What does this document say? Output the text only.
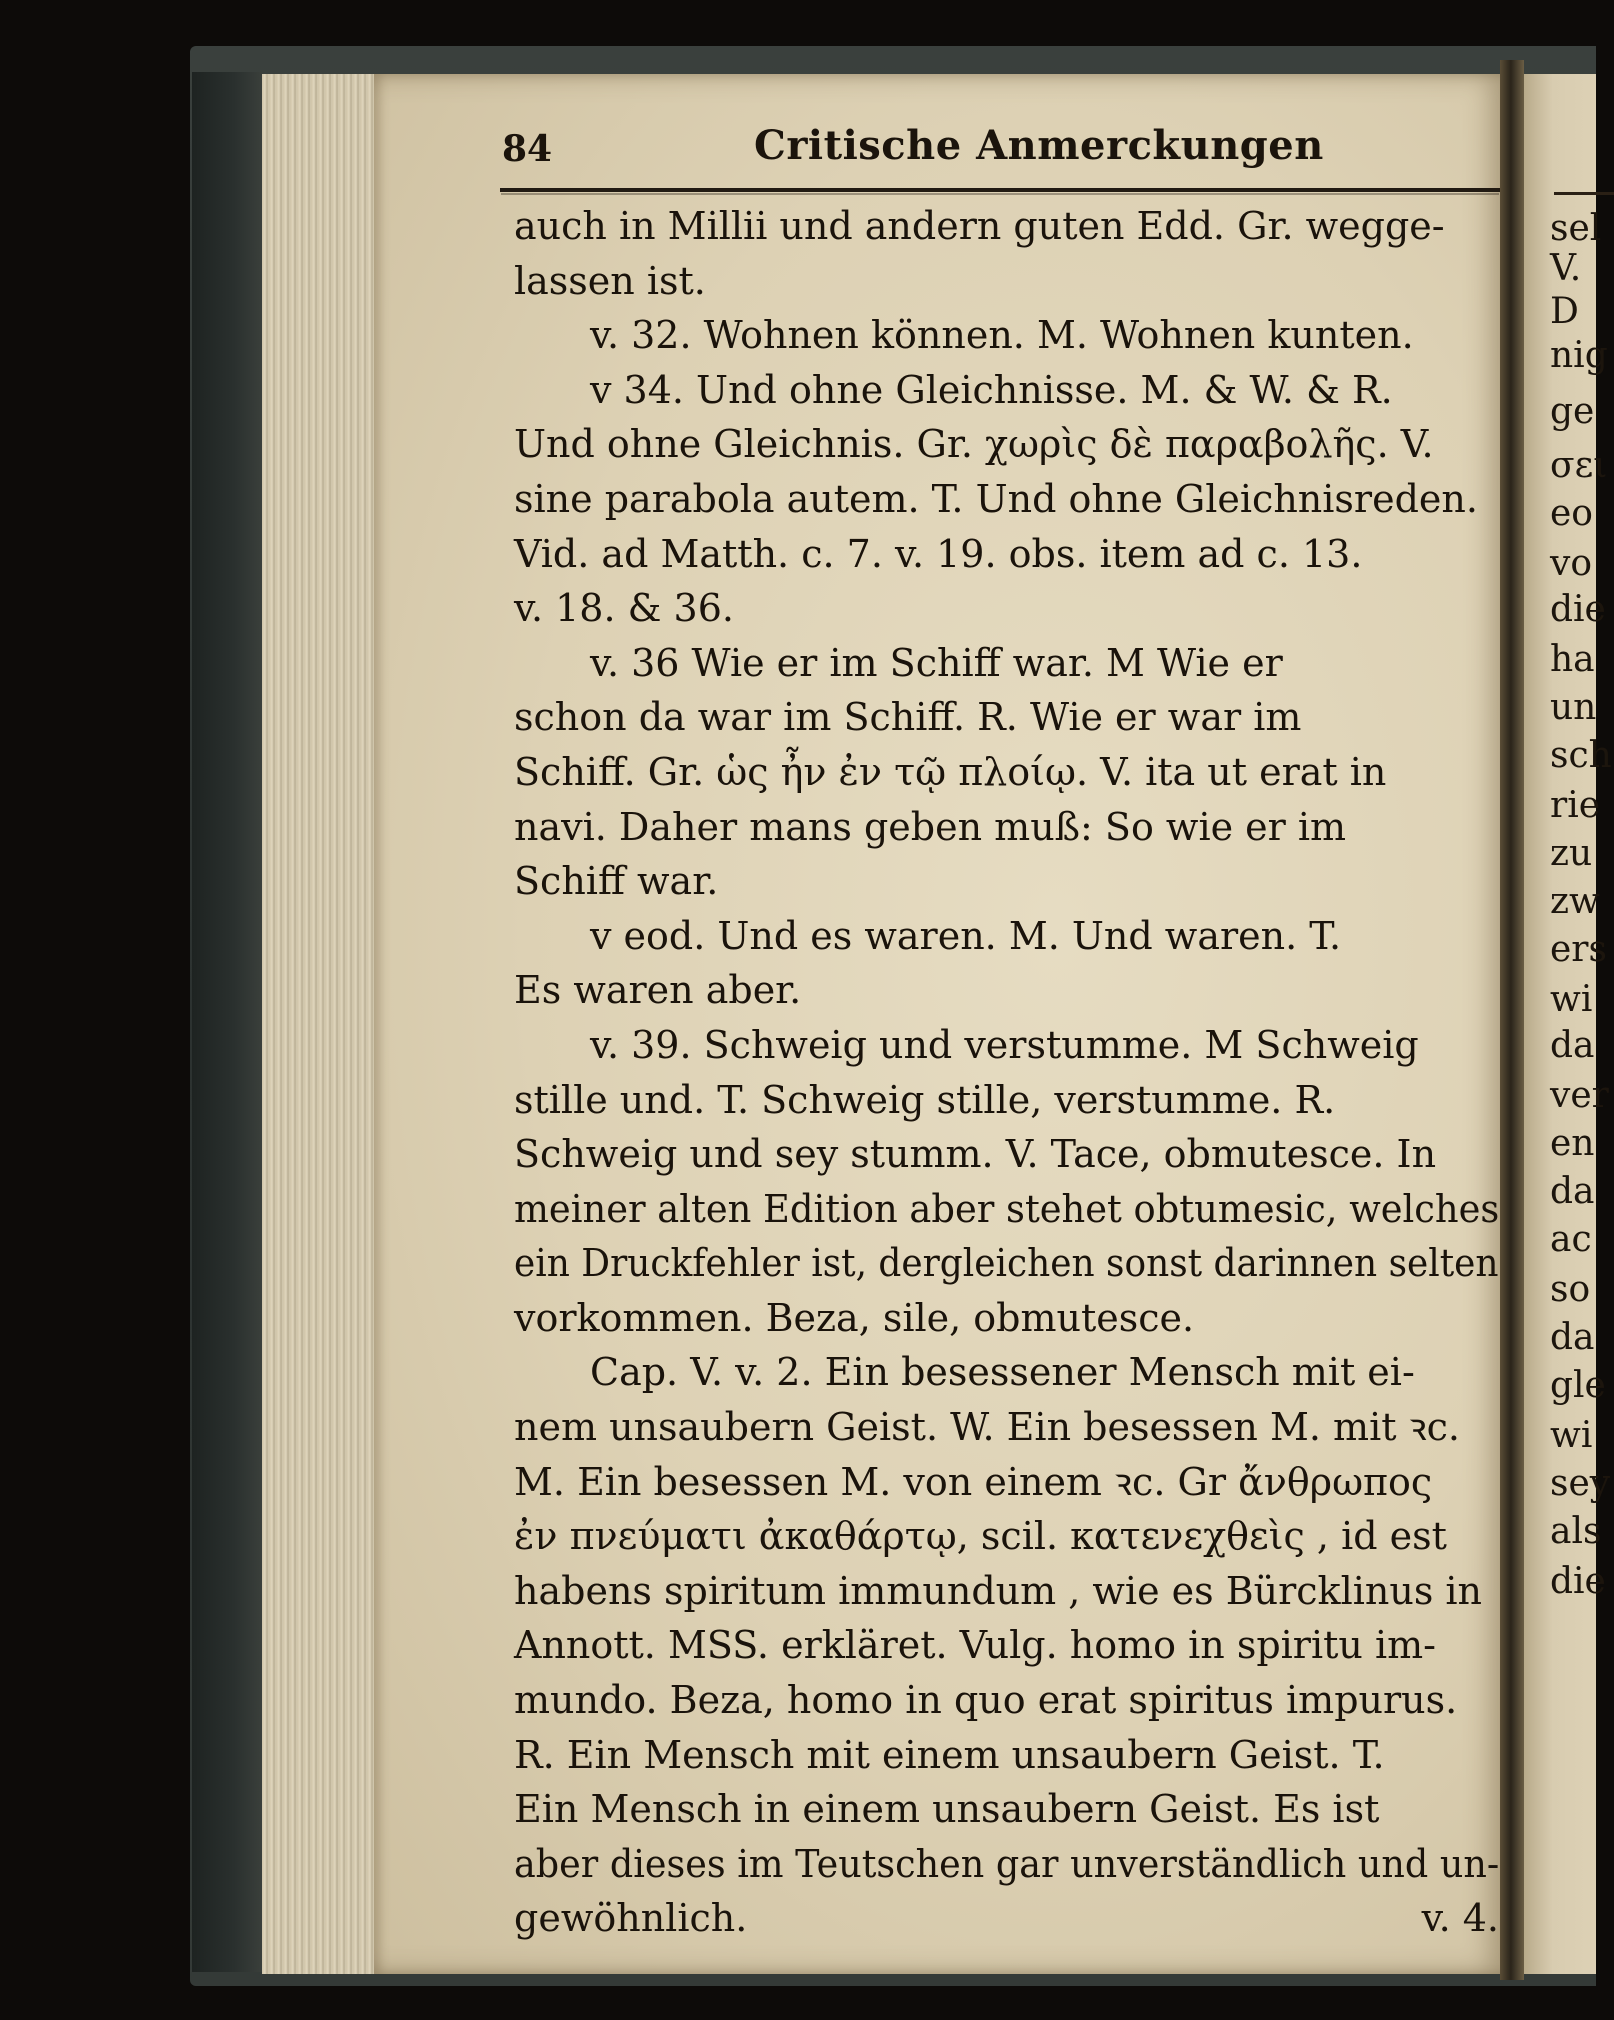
84	Critische Anmerckungen
auch in Millii und andern guten Edd. Gr. wegge-
lassen ist.
v. 32. Wohnen können. M. Wohnen kunten.
v 34. Und ohne Gleichnisse. M. & W. & R.
Und ohne Gleichnis. Gr. χωρὶς δὲ παραβολῆς. V.
sine parabola autem. T. Und ohne Gleichnisreden.
Vid. ad Matth. c. 7. v. 19. obs. item ad c. 13.
v. 18. & 36.
v. 36 Wie er im Schiff war. M Wie er
schon da war im Schiff. R. Wie er war im
Schiff. Gr. ὡς ἦν ἐν τῷ πλοίῳ. V. ita ut erat in
navi. Daher mans geben muß: So wie er im
Schiff war.
v eod. Und es waren. M. Und waren. T.
Es waren aber.
v. 39. Schweig und verstumme. M Schweig
stille und. T. Schweig stille, verstumme. R.
Schweig und sey stumm. V. Tace, obmutesce. In
meiner alten Edition aber stehet obtumesic, welches
ein Druckfehler ist, dergleichen sonst darinnen selten
vorkommen. Beza, sile, obmutesce.
Cap. V. v. 2. Ein besessener Mensch mit ei-
nem unsaubern Geist. W. Ein besessen M. mit ꝛc.
M. Ein besessen M. von einem ꝛc. Gr ἄνθρωπος
ἐν πνεύματι ἀκαθάρτῳ, scil. κατενεχθεὶς , id est
habens spiritum immundum , wie es Bürcklinus in
Annott. MSS. erkläret. Vulg. homo in spiritu im-
mundo. Beza, homo in quo erat spiritus impurus.
R. Ein Mensch mit einem unsaubern Geist. T.
Ein Mensch in einem unsaubern Geist. Es ist
aber dieses im Teutschen gar unverständlich und un-
gewöhnlich.	v. 4.
sel
V.
D
nig
ge
σει
eo
vo
die
ha
un
sch
rie
zu
zw
ers
wi
da
ver
en
da
ac
so
da
gle
wi
sey
als
die
